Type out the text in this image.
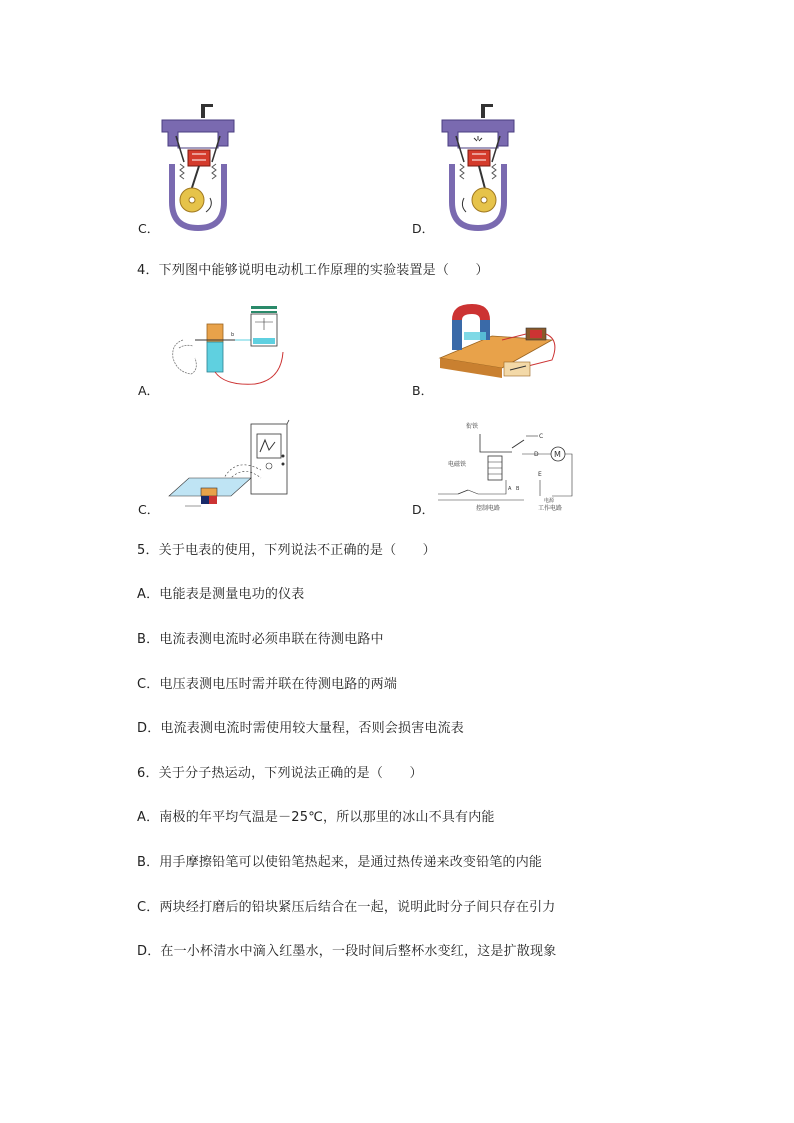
C．	D．
4．下列图中能够说明电动机工作原理的实验装置是（　　）
b
A．	B．
C．
衔铁
电磁铁
C
D M
E
A B
控制电路
电源
工作电路
D．
5．关于电表的使用，下列说法不正确的是（　　）
A．电能表是测量电功的仪表
B．电流表测电流时必须串联在待测电路中
C．电压表测电压时需并联在待测电路的两端
D．电流表测电流时需使用较大量程，否则会损害电流表
6．关于分子热运动，下列说法正确的是（　　）
A．南极的年平均气温是－25℃，所以那里的冰山不具有内能
B．用手摩擦铅笔可以使铅笔热起来，是通过热传递来改变铅笔的内能
C．两块经打磨后的铅块紧压后结合在一起，说明此时分子间只存在引力
D．在一小杯清水中滴入红墨水，一段时间后整杯水变红，这是扩散现象
